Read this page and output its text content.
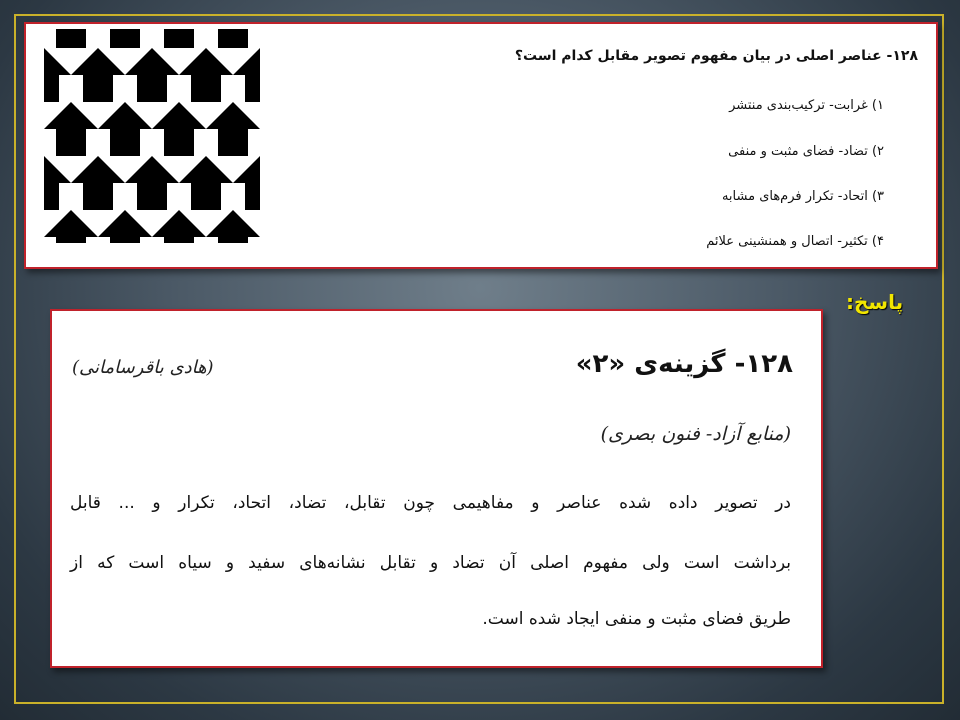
۱۲۸- عناصر اصلی در بیان مفهوم تصویر مقابل کدام است؟
۱) غرابت- ترکیب‌بندی منتشر
۲) تضاد- فضای مثبت و منفی
۳) اتحاد- تکرار فرم‌های مشابه
۴) تکثیر- اتصال و همنشینی علائم
پاسخ:
۱۲۸- گزینه‌ی «۲»
(هادی باقرسامانی)
(منابع آزاد- فنون بصری)
در تصویر داده شده عناصر و مفاهیمی چون تقابل، تضاد، اتحاد، تکرار و ... قابل
برداشت است ولی مفهوم اصلی آن تضاد و تقابل نشانه‌های سفید و سیاه است که از
طریق فضای مثبت و منفی ایجاد شده است.
